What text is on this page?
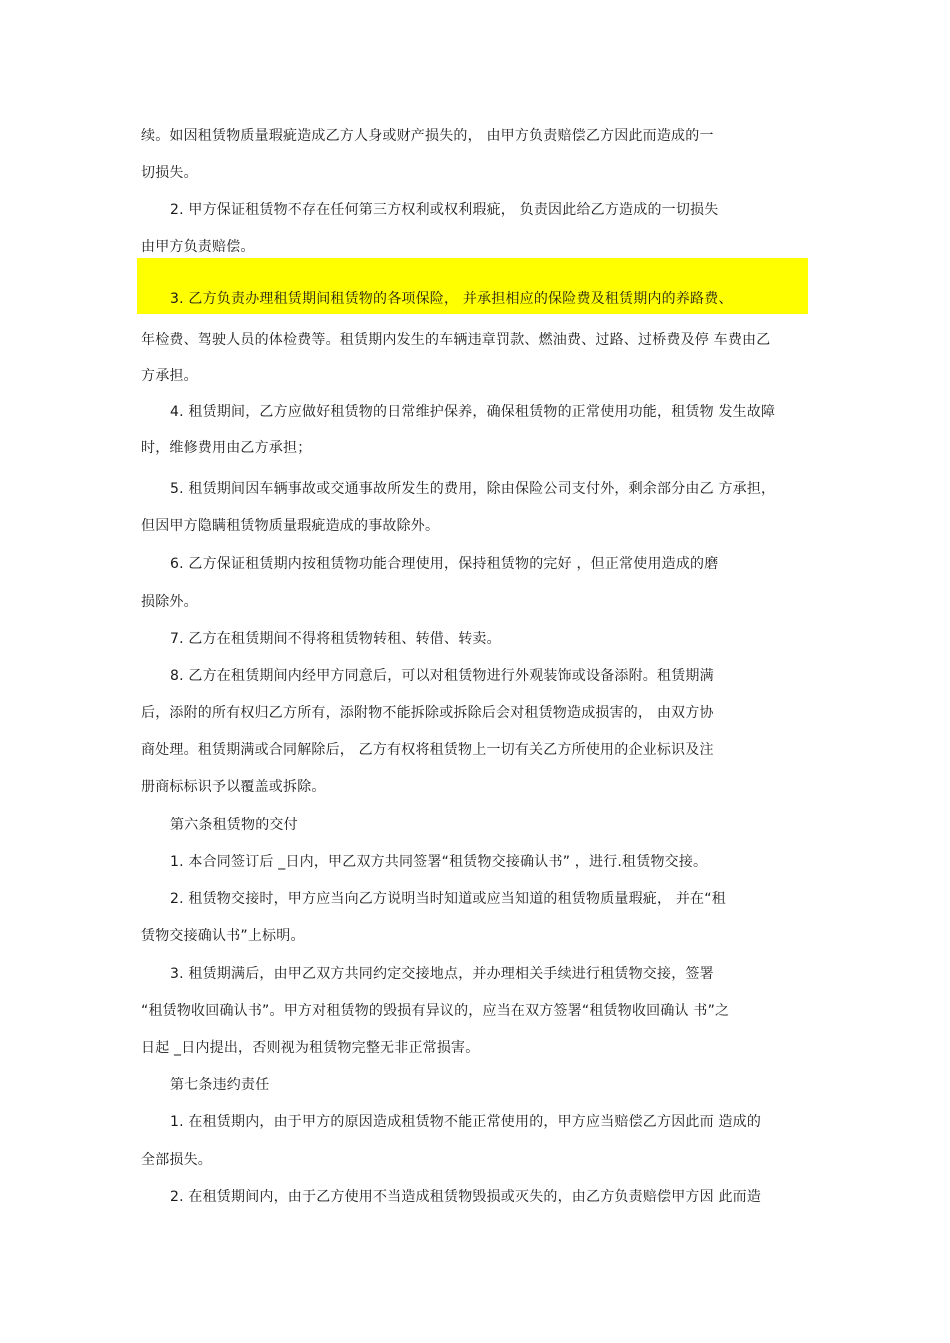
续。如因租赁物质量瑕疵造成乙方人身或财产损失的， 由甲方负责赔偿乙方因此而造成的一
切损失。
2. 甲方保证租赁物不存在任何第三方权利或权利瑕疵， 负责因此给乙方造成的一切损失
由甲方负责赔偿。
3. 乙方负责办理租赁期间租赁物的各项保险， 并承担相应的保险费及租赁期内的养路费、
年检费、驾驶人员的体检费等。租赁期内发生的车辆违章罚款、燃油费、过路、过桥费及停 车费由乙
方承担。
4. 租赁期间，乙方应做好租赁物的日常维护保养，确保租赁物的正常使用功能，租赁物 发生故障
时，维修费用由乙方承担；
5. 租赁期间因车辆事故或交通事故所发生的费用，除由保险公司支付外，剩余部分由乙 方承担，
但因甲方隐瞒租赁物质量瑕疵造成的事故除外。
6. 乙方保证租赁期内按租赁物功能合理使用，保持租赁物的完好 ，但正常使用造成的磨
损除外。
7. 乙方在租赁期间不得将租赁物转租、转借、转卖。
8. 乙方在租赁期间内经甲方同意后，可以对租赁物进行外观装饰或设备添附。租赁期满
后，添附的所有权归乙方所有，添附物不能拆除或拆除后会对租赁物造成损害的， 由双方协
商处理。租赁期满或合同解除后， 乙方有权将租赁物上一切有关乙方所使用的企业标识及注
册商标标识予以覆盖或拆除。
第六条租赁物的交付
1. 本合同签订后 _日内，甲乙双方共同签署“租赁物交接确认书” ，进行.租赁物交接。
2. 租赁物交接时，甲方应当向乙方说明当时知道或应当知道的租赁物质量瑕疵， 并在“租
赁物交接确认书”上标明。
3. 租赁期满后，由甲乙双方共同约定交接地点，并办理相关手续进行租赁物交接，签署
“租赁物收回确认书”。甲方对租赁物的毁损有异议的，应当在双方签署“租赁物收回确认 书”之
日起 _日内提出，否则视为租赁物完整无非正常损害。
第七条违约责任
1. 在租赁期内，由于甲方的原因造成租赁物不能正常使用的，甲方应当赔偿乙方因此而 造成的
全部损失。
2. 在租赁期间内，由于乙方使用不当造成租赁物毁损或灭失的，由乙方负责赔偿甲方因 此而造
